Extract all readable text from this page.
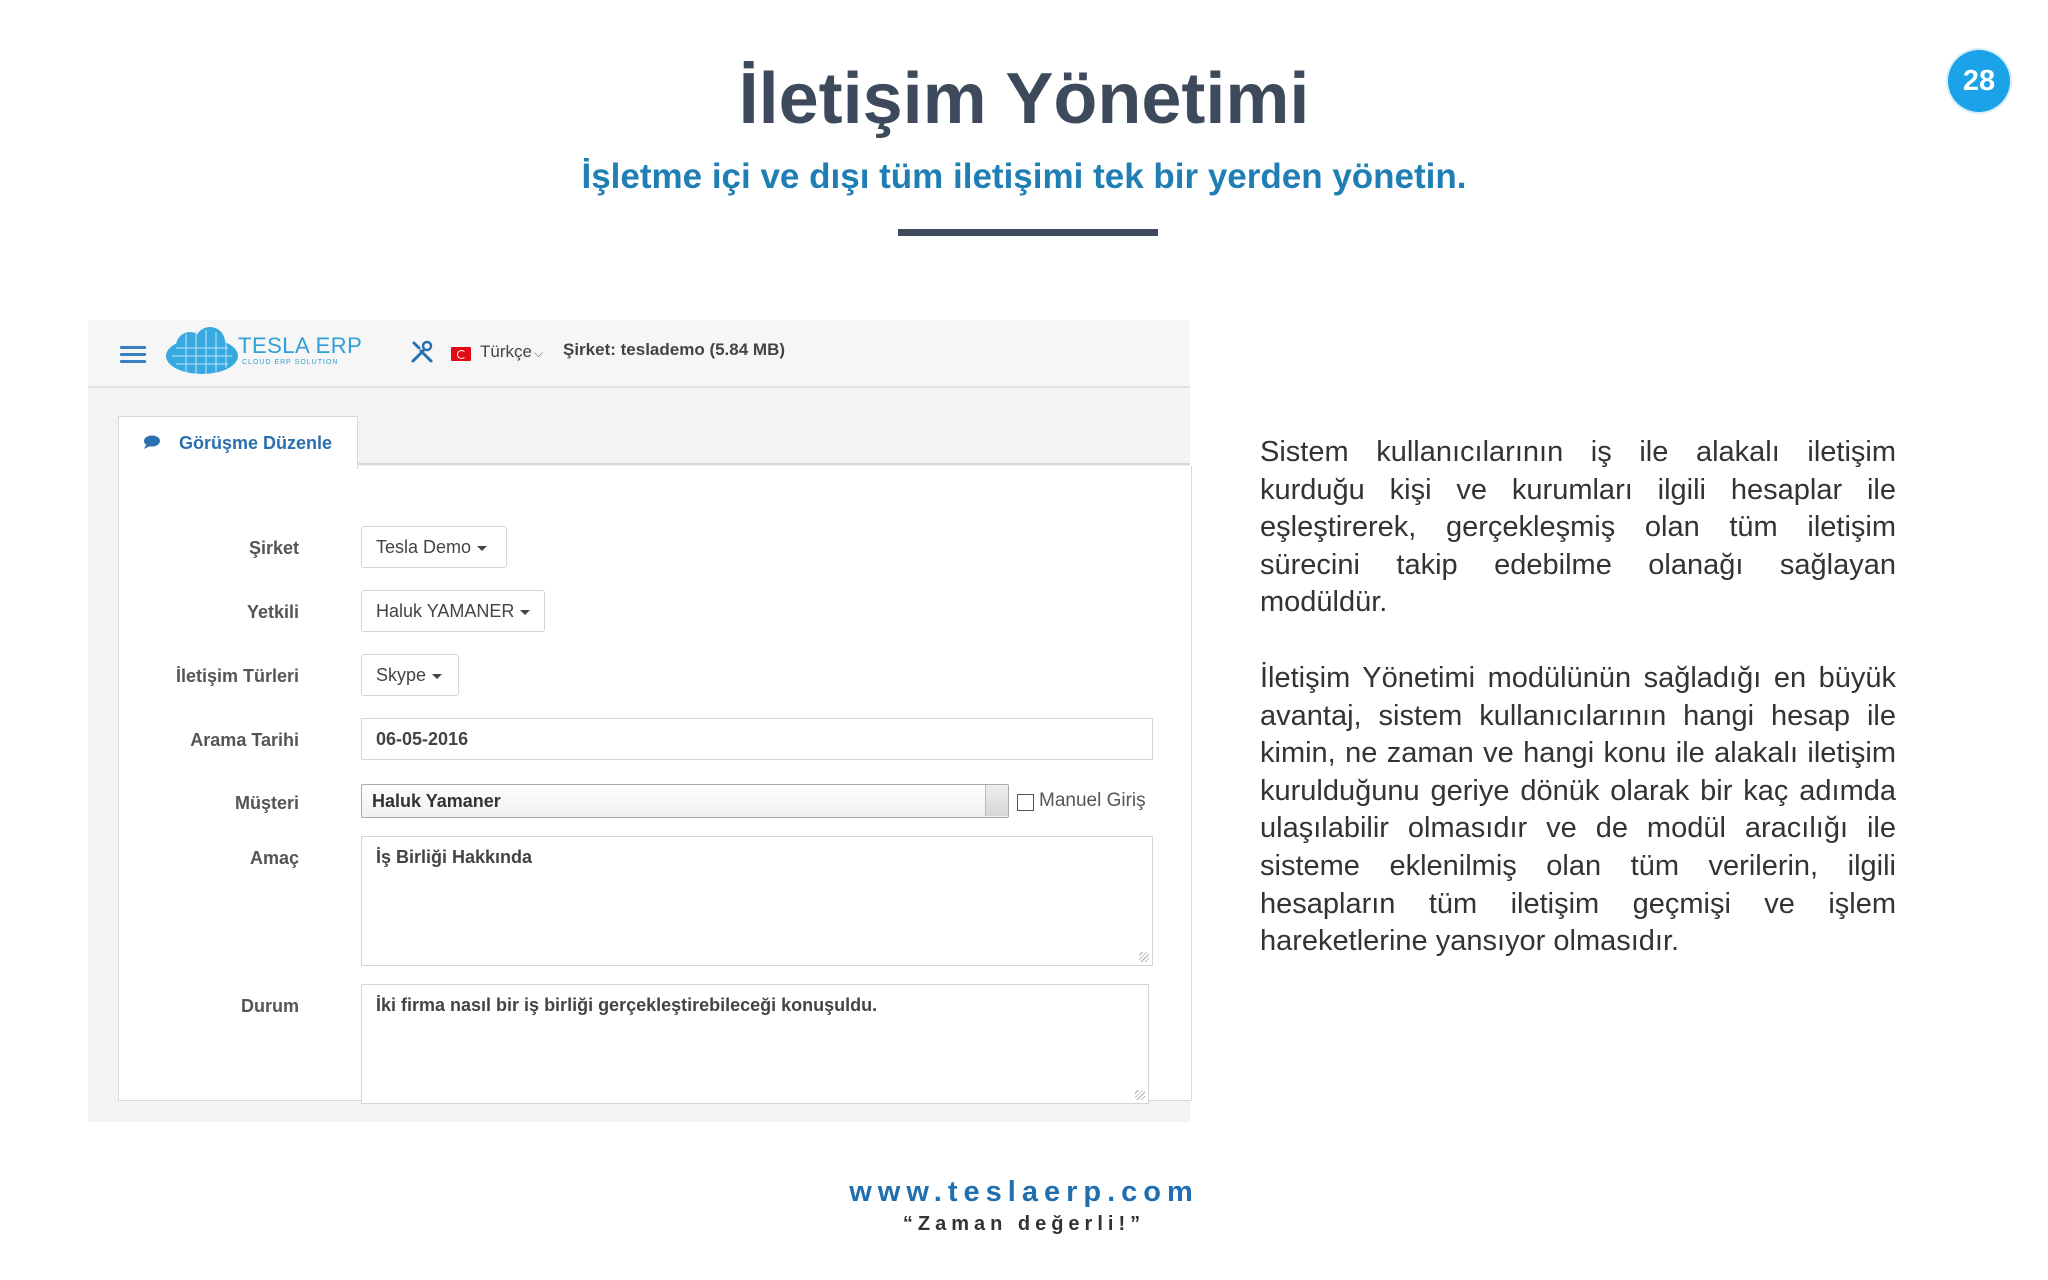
İletişim Yönetimi
İşletme içi ve dışı tüm iletişimi tek bir yerden yönetin.
28
TESLA ERP
CLOUD ERP SOLUTION
Türkçe ⌵ Şirket: teslademo (5.84 MB)
Görüşme Düzenle
Şirket	Tesla Demo
Yetkili	Haluk YAMANER
İletişim Türleri	Skype
Arama Tarihi	06-05-2016
Müşteri	Haluk Yamaner	Manuel Giriş
Amaç	İş Birliği Hakkında
Durum	İki firma nasıl bir iş birliği gerçekleştirebileceği konuşuldu.
Sistem kullanıcılarının iş ile alakalı iletişim kurduğu kişi ve kurumları ilgili hesaplar ile eşleştirerek, gerçekleşmiş olan tüm iletişim sürecini takip edebilme olanağı sağlayan modüldür.
İletişim Yönetimi modülünün sağladığı en büyük avantaj, sistem kullanıcılarının hangi hesap ile kimin, ne zaman ve hangi konu ile alakalı iletişim kurulduğunu geriye dönük olarak bir kaç adımda ulaşılabilir olmasıdır ve de modül aracılığı ile sisteme eklenilmiş olan tüm verilerin, ilgili hesapların tüm iletişim geçmişi ve işlem hareketlerine yansıyor olmasıdır.
www.teslaerp.com
“Zaman değerli!”
